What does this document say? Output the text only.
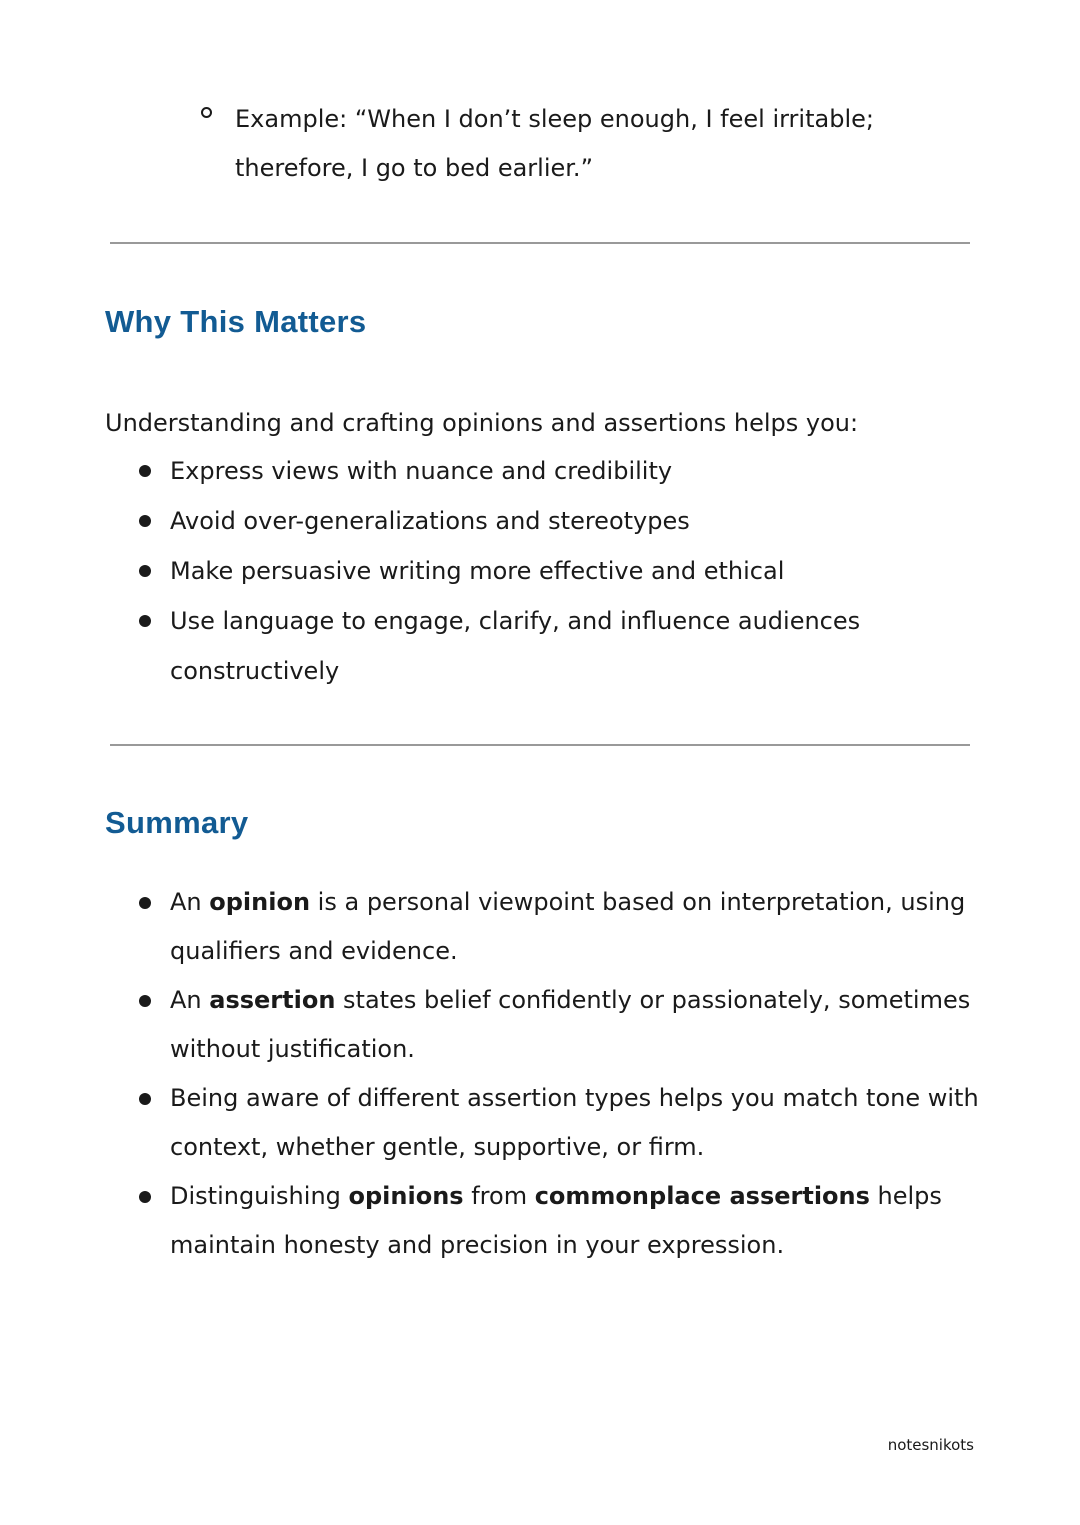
Example: “When I don’t sleep enough, I feel irritable; therefore, I go to bed earlier.”
Why This Matters

Understanding and crafting opinions and assertions helps you:

Express views with nuance and credibility
Avoid over-generalizations and stereotypes
Make persuasive writing more effective and ethical
Use language to engage, clarify, and influence audiences constructively
Summary
An opinion is a personal viewpoint based on interpretation, using qualifiers and evidence.
An assertion states belief confidently or passionately, sometimes without justification.
Being aware of different assertion types helps you match tone with context, whether gentle, supportive, or firm.
Distinguishing opinions from commonplace assertions helps maintain honesty and precision in your expression.
notesnikots
